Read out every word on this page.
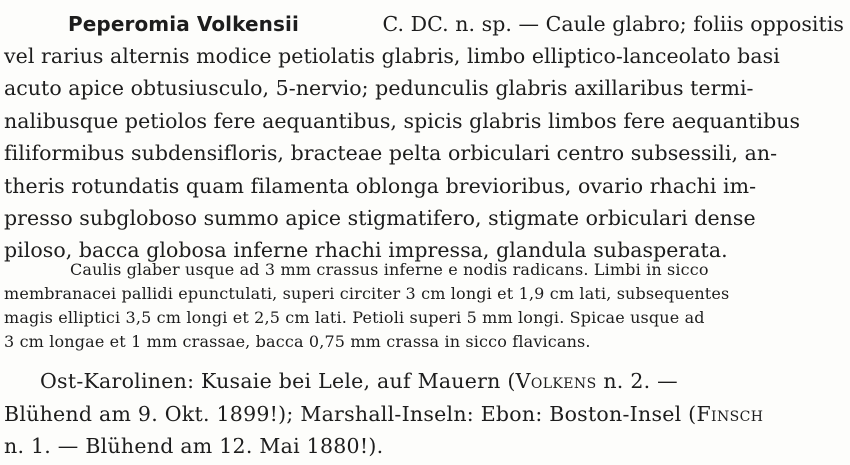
Peperomia Volkensii	C. DC. n. sp. — Caule glabro; foliis oppositis
vel rarius alternis modice petiolatis glabris, limbo elliptico-lanceolato basi
acuto apice obtusiusculo, 5-nervio; pedunculis glabris axillaribus termi-
nalibusque petiolos fere aequantibus, spicis glabris limbos fere aequantibus
filiformibus subdensifloris, bracteae pelta orbiculari centro subsessili, an-
theris rotundatis quam filamenta oblonga brevioribus, ovario rhachi im-
presso subgloboso summo apice stigmatifero, stigmate orbiculari dense
piloso, bacca globosa inferne rhachi impressa, glandula subasperata.
Caulis glaber usque ad 3 mm crassus inferne e nodis radicans. Limbi in sicco
membranacei pallidi epunctulati, superi circiter 3 cm longi et 1,9 cm lati, subsequentes
magis elliptici 3,5 cm longi et 2,5 cm lati. Petioli superi 5 mm longi. Spicae usque ad
3 cm longae et 1 mm crassae, bacca 0,75 mm crassa in sicco flavicans.
Ost-Karolinen: Kusaie bei Lele, auf Mauern (Volkens n. 2. —
Blühend am 9. Okt. 1899!); Marshall-Inseln: Ebon: Boston-Insel (Finsch
n. 1. — Blühend am 12. Mai 1880!).
